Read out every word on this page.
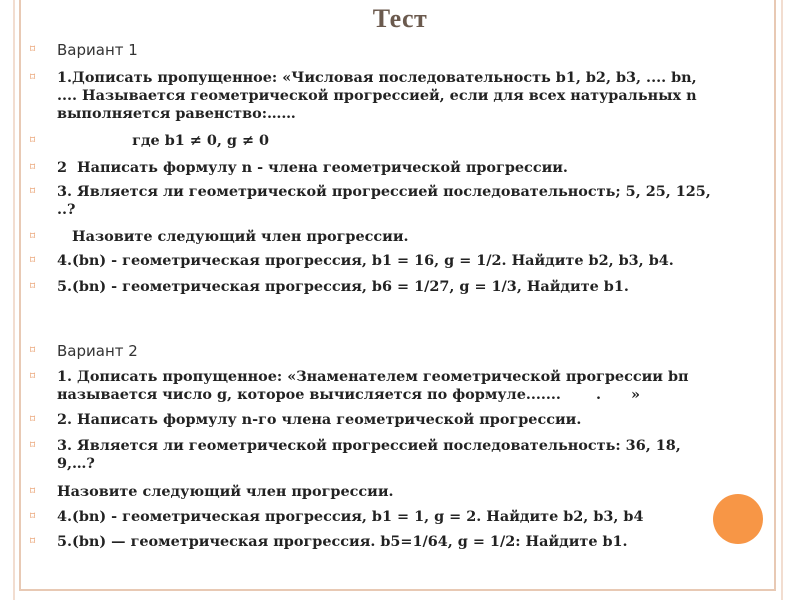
Тест
⌑	Вариант 1
⌑	1.Дописать пропущенное: «Числовая последовательность b1, b2, b3, .... bn,
.... Называется геометрической прогрессией, если для всех натуральных n
выполняется равенство:……
⌑	где b1 ≠ 0, g ≠ 0
⌑	2  Написать формулу n - члена геометрической прогрессии.
⌑	3. Является ли геометрической прогрессией последовательность; 5, 25, 125,
..?
⌑	Назовите следующий член прогрессии.
⌑	4.(bn) - геометрическая прогрессия, b1 = 16, g = 1/2. Найдите b2, b3, b4.
⌑	5.(bn) - геометрическая прогрессия, b6 = 1/27, g = 1/3, Найдите b1.
⌑	Вариант 2
⌑	1. Дописать пропущенное: «Знаменателем геометрической прогрессии bп
называется число g, которое вычисляется по формуле.......       .      »
⌑	2. Написать формулу n-го члена геометрической прогрессии.
⌑	3. Является ли геометрической прогрессией последовательность: 36, 18,
9,…?
⌑	Назовите следующий член прогрессии.
⌑	4.(bn) - геометрическая прогрессия, b1 = 1, g = 2. Найдите b2, b3, b4
⌑	5.(bn) — геометрическая прогрессия. b5=1/64, g = 1/2: Найдите b1.
